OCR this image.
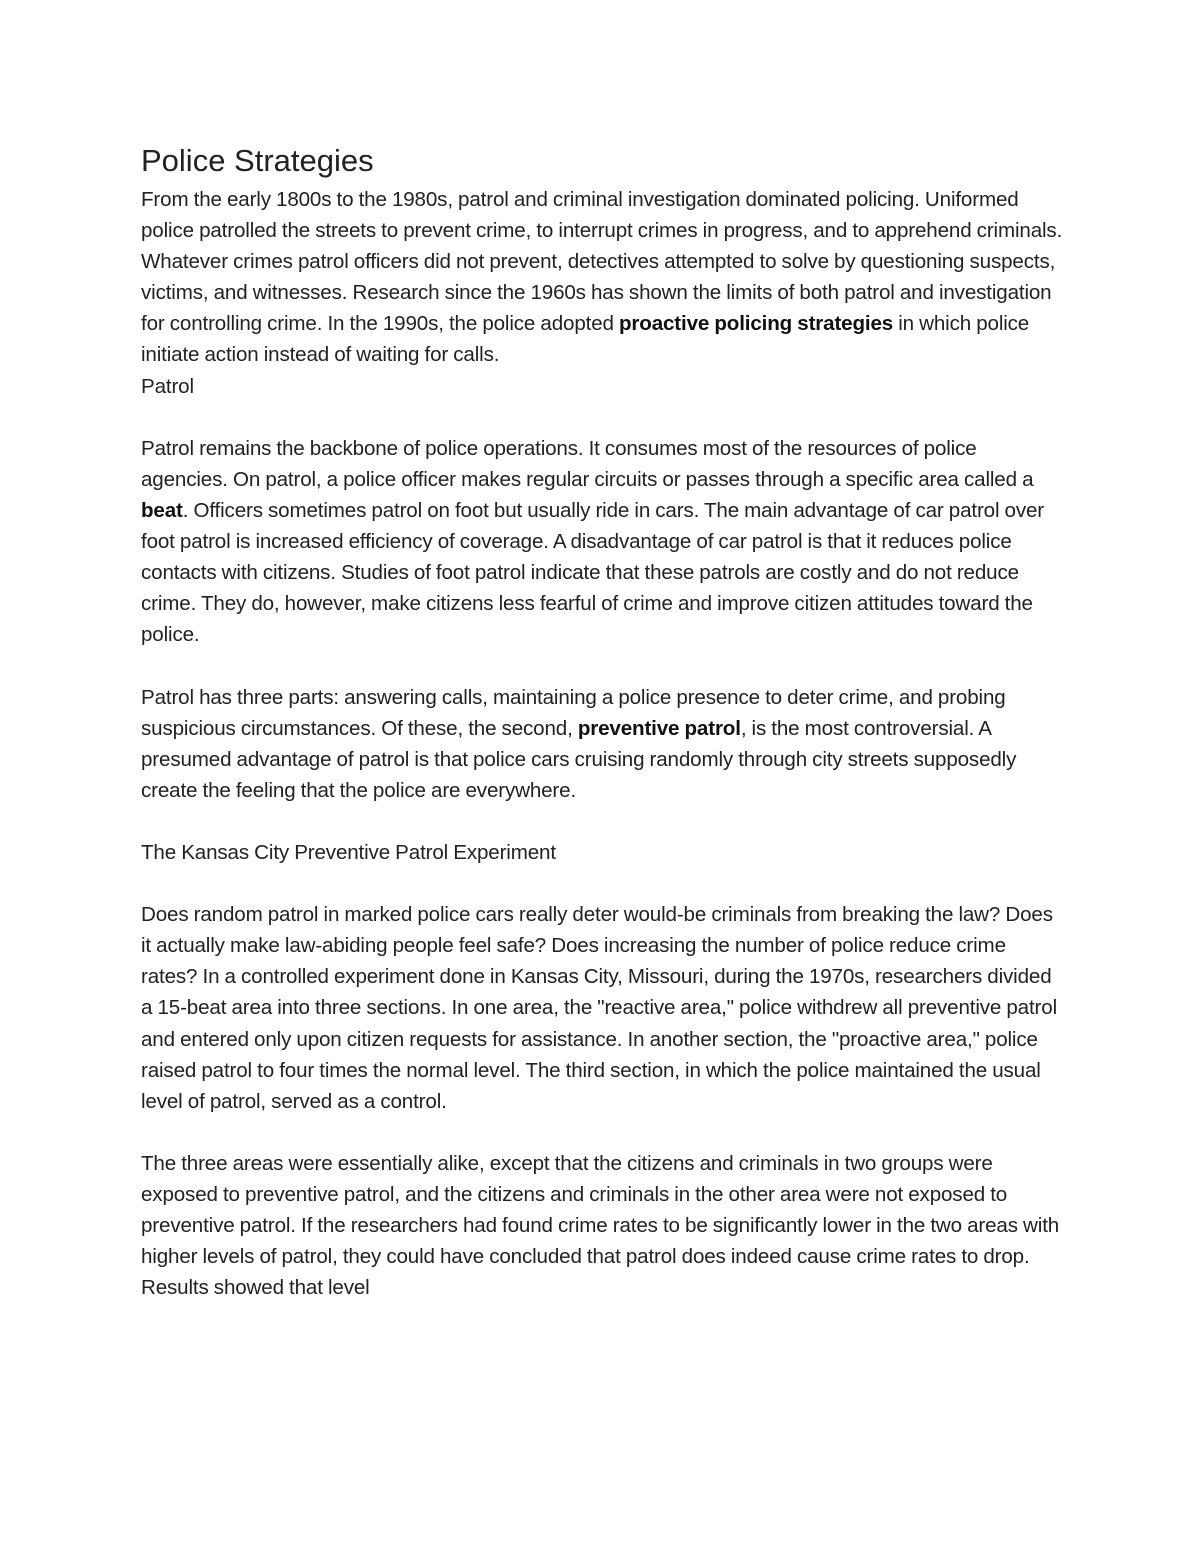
Police Strategies

From the early 1800s to the 1980s, patrol and criminal investigation dominated policing. Uniformed police patrolled the streets to prevent crime, to interrupt crimes in progress, and to apprehend criminals. Whatever crimes patrol officers did not prevent, detectives attempted to solve by questioning suspects, victims, and witnesses. Research since the 1960s has shown the limits of both patrol and investigation for controlling crime. In the 1990s, the police adopted proactive policing strategies in which police initiate action instead of waiting for calls.

Patrol

Patrol remains the backbone of police operations. It consumes most of the resources of police agencies. On patrol, a police officer makes regular circuits or passes through a specific area called a beat. Officers sometimes patrol on foot but usually ride in cars. The main advantage of car patrol over foot patrol is increased efficiency of coverage. A disadvantage of car patrol is that it reduces police contacts with citizens. Studies of foot patrol indicate that these patrols are costly and do not reduce crime. They do, however, make citizens less fearful of crime and improve citizen attitudes toward the police.

Patrol has three parts: answering calls, maintaining a police presence to deter crime, and probing suspicious circumstances. Of these, the second, preventive patrol, is the most controversial. A presumed advantage of patrol is that police cars cruising randomly through city streets supposedly create the feeling that the police are everywhere.

The Kansas City Preventive Patrol Experiment

Does random patrol in marked police cars really deter would-be criminals from breaking the law? Does it actually make law-abiding people feel safe? Does increasing the number of police reduce crime rates? In a controlled experiment done in Kansas City, Missouri, during the 1970s, researchers divided a 15-beat area into three sections. In one area, the "reactive area," police withdrew all preventive patrol and entered only upon citizen requests for assistance. In another section, the "proactive area," police raised patrol to four times the normal level. The third section, in which the police maintained the usual level of patrol, served as a control.

The three areas were essentially alike, except that the citizens and criminals in two groups were exposed to preventive patrol, and the citizens and criminals in the other area were not exposed to preventive patrol. If the researchers had found crime rates to be significantly lower in the two areas with higher levels of patrol, they could have concluded that patrol does indeed cause crime rates to drop. Results showed that level
